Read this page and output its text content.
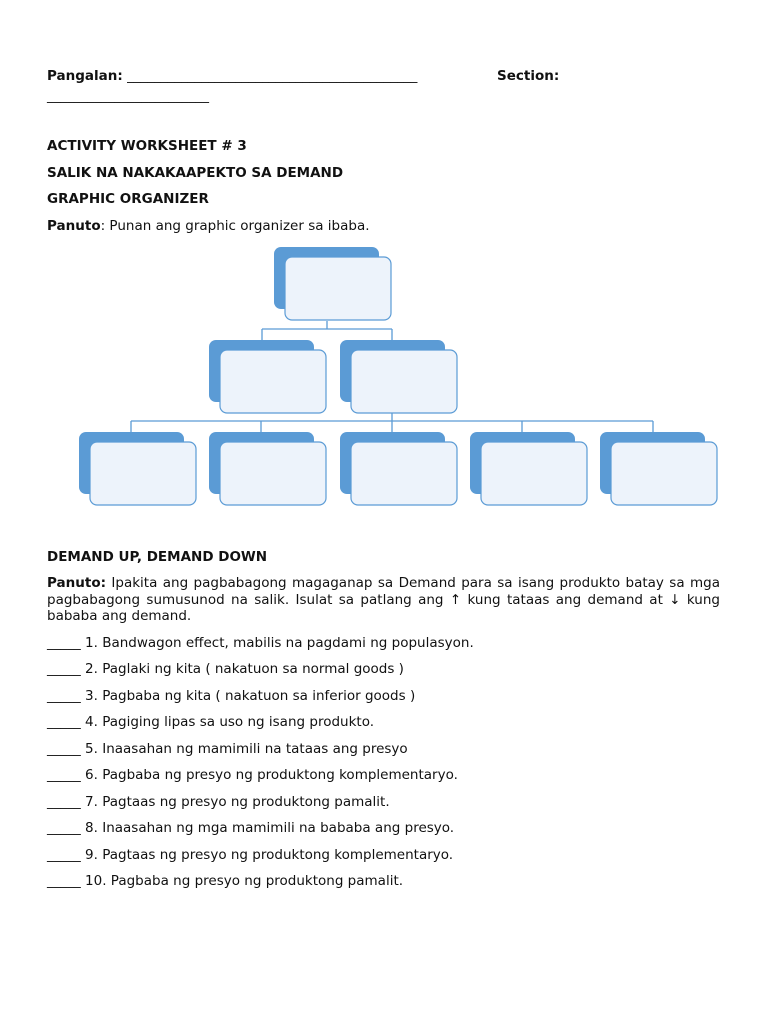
Pangalan: ___________________________________________	Section:
________________________
ACTIVITY WORKSHEET # 3
SALIK NA NAKAKAAPEKTO SA DEMAND
GRAPHIC ORGANIZER
Panuto: Punan ang graphic organizer sa ibaba.
DEMAND UP, DEMAND DOWN
Panuto: Ipakita ang pagbabagong magaganap sa Demand para sa isang produkto batay sa mga pagbabagong sumusunod na salik. Isulat sa patlang ang ↑ kung tataas ang demand at ↓ kung bababa ang demand.
_____ 1. Bandwagon effect, mabilis na pagdami ng populasyon.
_____ 2. Paglaki ng kita ( nakatuon sa normal goods )
_____ 3. Pagbaba ng kita ( nakatuon sa inferior goods )
_____ 4. Pagiging lipas sa uso ng isang produkto.
_____ 5. Inaasahan ng mamimili na tataas ang presyo
_____ 6. Pagbaba ng presyo ng produktong komplementaryo.
_____ 7. Pagtaas ng presyo ng produktong pamalit.
_____ 8. Inaasahan ng mga mamimili na bababa ang presyo.
_____ 9. Pagtaas ng presyo ng produktong komplementaryo.
_____ 10. Pagbaba ng presyo ng produktong pamalit.
